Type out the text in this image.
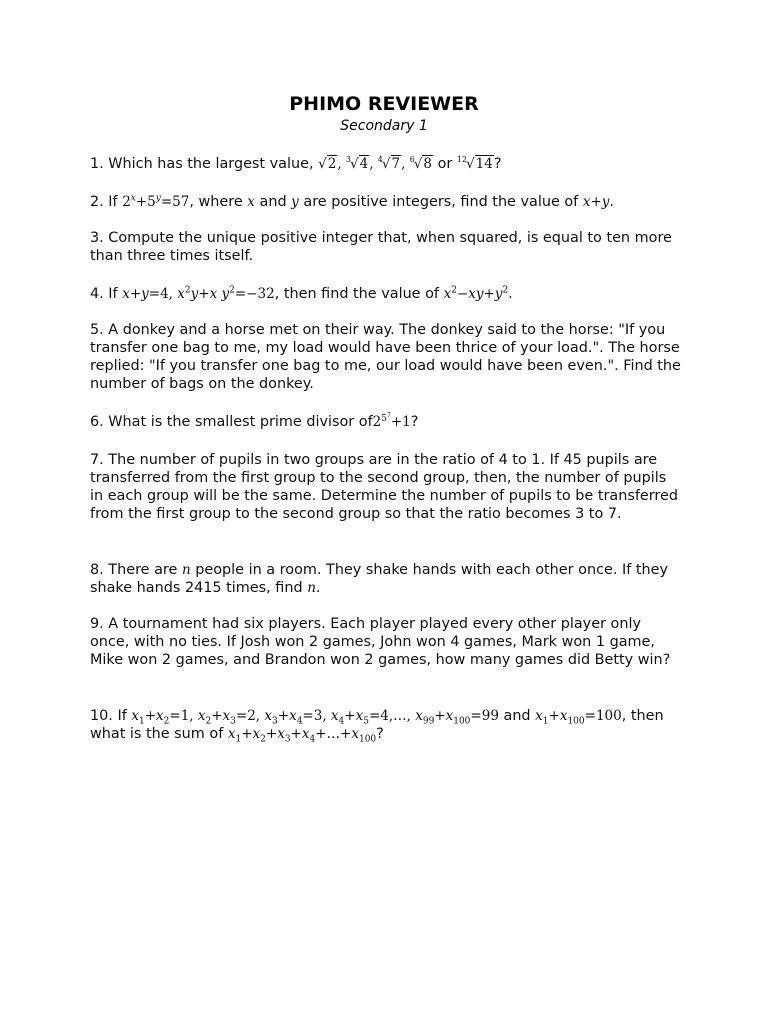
PHIMO REVIEWER
Secondary 1
1. Which has the largest value, √2, $^3$√4, $^4$√7, $^6$√8 or $^{12}$√14?
2. If $2^x+5^y=57$, where x and y are positive integers, find the value of x+y.
3. Compute the unique positive integer that, when squared, is equal to ten more than three times itself.
4. If x+y=4, $x^2y+x$ $y^2=-32$, then find the value of $x^2-xy+y^2$.
5. A donkey and a horse met on their way. The donkey said to the horse: "If you transfer one bag to me, my load would have been thrice of your load.". The horse replied: "If you transfer one bag to me, our load would have been even.". Find the number of bags on the donkey.
6. What is the smallest prime divisor $of2^{5^7}+1$?
7. The number of pupils in two groups are in the ratio of 4 to 1. If 45 pupils are transferred from the first group to the second group, then, the number of pupils in each group will be the same. Determine the number of pupils to be transferred from the first group to the second group so that the ratio becomes 3 to 7.
8. There are n people in a room. They shake hands with each other once. If they shake hands 2415 times, find n.
9. A tournament had six players. Each player played every other player only once, with no ties. If Josh won 2 games, John won 4 games, Mark won 1 game, Mike won 2 games, and Brandon won 2 games, how many games did Betty win?
10. If $x_1+x_2=1$, $x_2+x_3=2$, $x_3+x_4=3$, $x_4+x_5=4,\dots$, $x_{99}+x_{100}=99$ and $x_1+x_{100}=100$, then what is the sum of $x_1+x_2+x_3+x_4+\dots+x_{100}$?
